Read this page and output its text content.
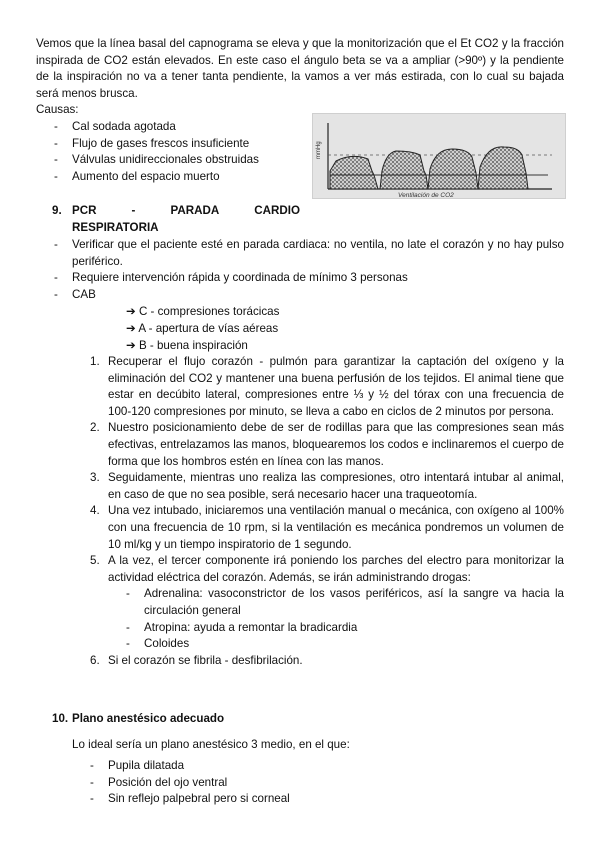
Vemos que la línea basal del capnograma se eleva y que la monitorización que el Et CO2 y la fracción inspirada de CO2 están elevados. En este caso el ángulo beta se va a ampliar (>90º) y la pendiente de la inspiración no va a tener tanta pendiente, la vamos a ver más estirada, con lo cual su bajada será menos brusca.

Causas:

- Cal sodada agotada
- Flujo de gases frescos insuficiente
- Válvulas unidireccionales obstruidas
- Aumento del espacio muerto
mmHg
Ventilación de CO2
9. PCR	-	PARADA	CARDIO
RESPIRATORIA
- Verificar que el paciente esté en parada cardiaca: no ventila, no late el corazón y no hay pulso periférico.
- Requiere intervención rápida y coordinada de mínimo 3 personas
- CAB
➔ C - compresiones torácicas
➔ A - apertura de vías aéreas
➔ B - buena inspiración
1. Recuperar el flujo corazón - pulmón para garantizar la captación del oxígeno y la eliminación del CO2 y mantener una buena perfusión de los tejidos. El animal tiene que estar en decúbito lateral, compresiones entre ⅓ y ½ del tórax con una frecuencia de 100-120 compresiones por minuto, se lleva a cabo en ciclos de 2 minutos por persona.
2. Nuestro posicionamiento debe de ser de rodillas para que las compresiones sean más efectivas, entrelazamos las manos, bloquearemos los codos e inclinaremos el cuerpo de forma que los hombros estén en línea con las manos.
3. Seguidamente, mientras uno realiza las compresiones, otro intentará intubar al animal, en caso de que no sea posible, será necesario hacer una traqueotomía.
4. Una vez intubado, iniciaremos una ventilación manual o mecánica, con oxígeno al 100% con una frecuencia de 10 rpm, si la ventilación es mecánica pondremos un volumen de 10 ml/kg y un tiempo inspiratorio de 1 segundo.
5. A la vez, el tercer componente irá poniendo los parches del electro para monitorizar la actividad eléctrica del corazón. Además, se irán administrando drogas:
- Adrenalina: vasoconstrictor de los vasos periféricos, así la sangre va hacia la circulación general
- Atropina: ayuda a remontar la bradicardia
- Coloides
6. Si el corazón se fibrila - desfibrilación.
10. Plano anestésico adecuado

Lo ideal sería un plano anestésico 3 medio, en el que:

- Pupila dilatada
- Posición del ojo ventral
- Sin reflejo palpebral pero si corneal
